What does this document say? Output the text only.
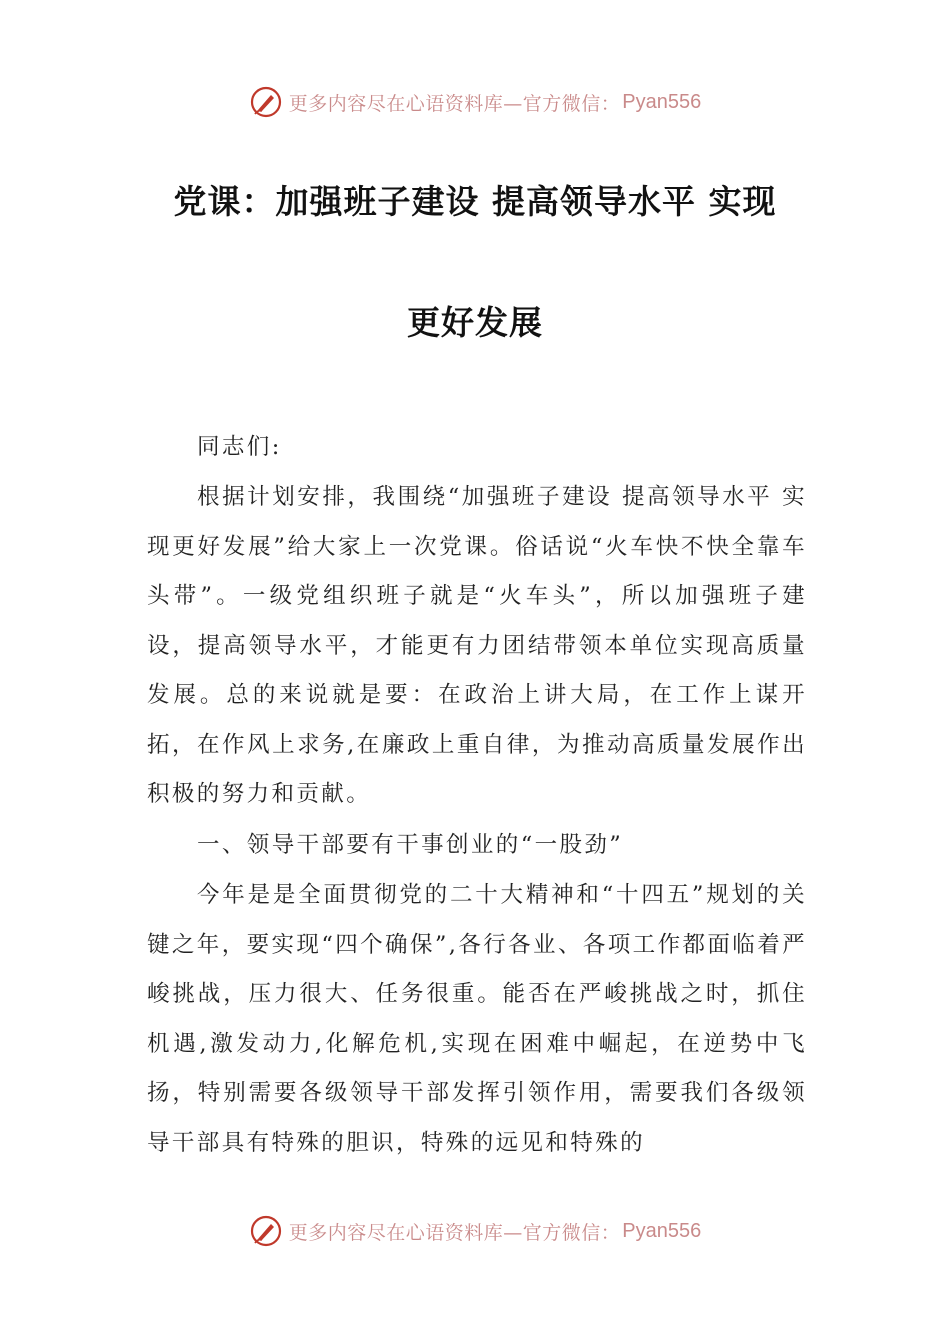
更多内容尽在心语资料库—官方微信： Pyan556
党课：加强班子建设 提高领导水平 实现
更好发展
同志们:

根据计划安排，我围绕“加强班子建设 提高领导水平 实现更好发展”给大家上一次党课。俗话说“火车快不快全靠车头带”。一级党组织班子就是“火车头”，所以加强班子建设，提高领导水平，才能更有力团结带领本单位实现高质量发展。总的来说就是要：在政治上讲大局，在工作上谋开拓，在作风上求务,在廉政上重自律，为推动高质量发展作出积极的努力和贡献。

一、领导干部要有干事创业的“一股劲”

今年是是全面贯彻党的二十大精神和“十四五”规划的关键之年，要实现“四个确保”,各行各业、各项工作都面临着严峻挑战，压力很大、任务很重。能否在严峻挑战之时，抓住机遇,激发动力,化解危机,实现在困难中崛起，在逆势中飞扬，特别需要各级领导干部发挥引领作用，需要我们各级领导干部具有特殊的胆识，特殊的远见和特殊的

更多内容尽在心语资料库—官方微信： Pyan556
